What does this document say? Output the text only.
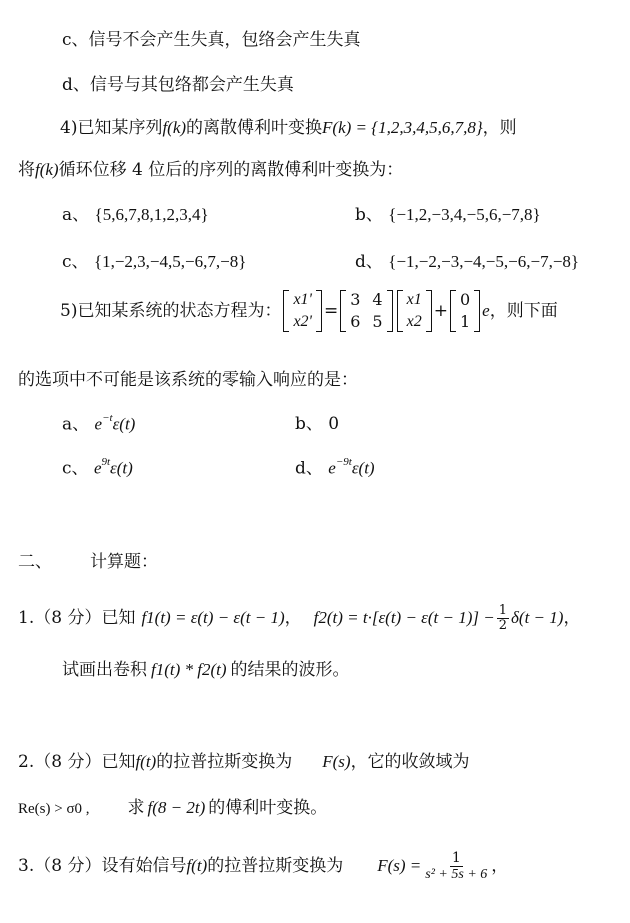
c、信号不会产生失真，包络会产生失真
d、信号与其包络都会产生失真
4)已知某序列f(k)的离散傅利叶变换F(k) = {1,2,3,4,5,6,7,8}，则
将f(k)循环位移 4 位后的序列的离散傅利叶变换为：
a、 {5,6,7,8,1,2,3,4}	b、 {−1,2,−3,4,−5,6,−7,8}
c、 {1,−2,3,−4,5,−6,7,−8}	d、 {−1,−2,−3,−4,−5,−6,−7,−8}
5)已知某系统的状态方程为：
x1'
x2'
=
3 4
6 5
x1
x2
+
0
1
e ，则下面
的选项中不可能是该系统的零输入响应的是：
a、 $e^{-t}\varepsilon(t)$	b、 0
c、 $e^{9t}\varepsilon(t)$	d、 $e^{-9t}\varepsilon(t)$
二、 计算题：
1.（8 分）已知 f1(t) = ε(t) − ε(t − 1) ， $f2(t) = t\cdot[\varepsilon(t) - \varepsilon(t - 1)] - \frac{1}{2} \delta(t - 1)$ ，
试画出卷积 f1(t) * f2(t) 的结果的波形。
2.（8 分）已知f(t)的拉普拉斯变换为 F(s)，它的收敛域为
Re(s) > σ0 , 求 f(8 − 2t) 的傅利叶变换。
3.（8 分）设有始信号 f(t) 的拉普拉斯变换为 $F(s) = \frac{1}{\text{s² + 5s + 6}}$ ，
